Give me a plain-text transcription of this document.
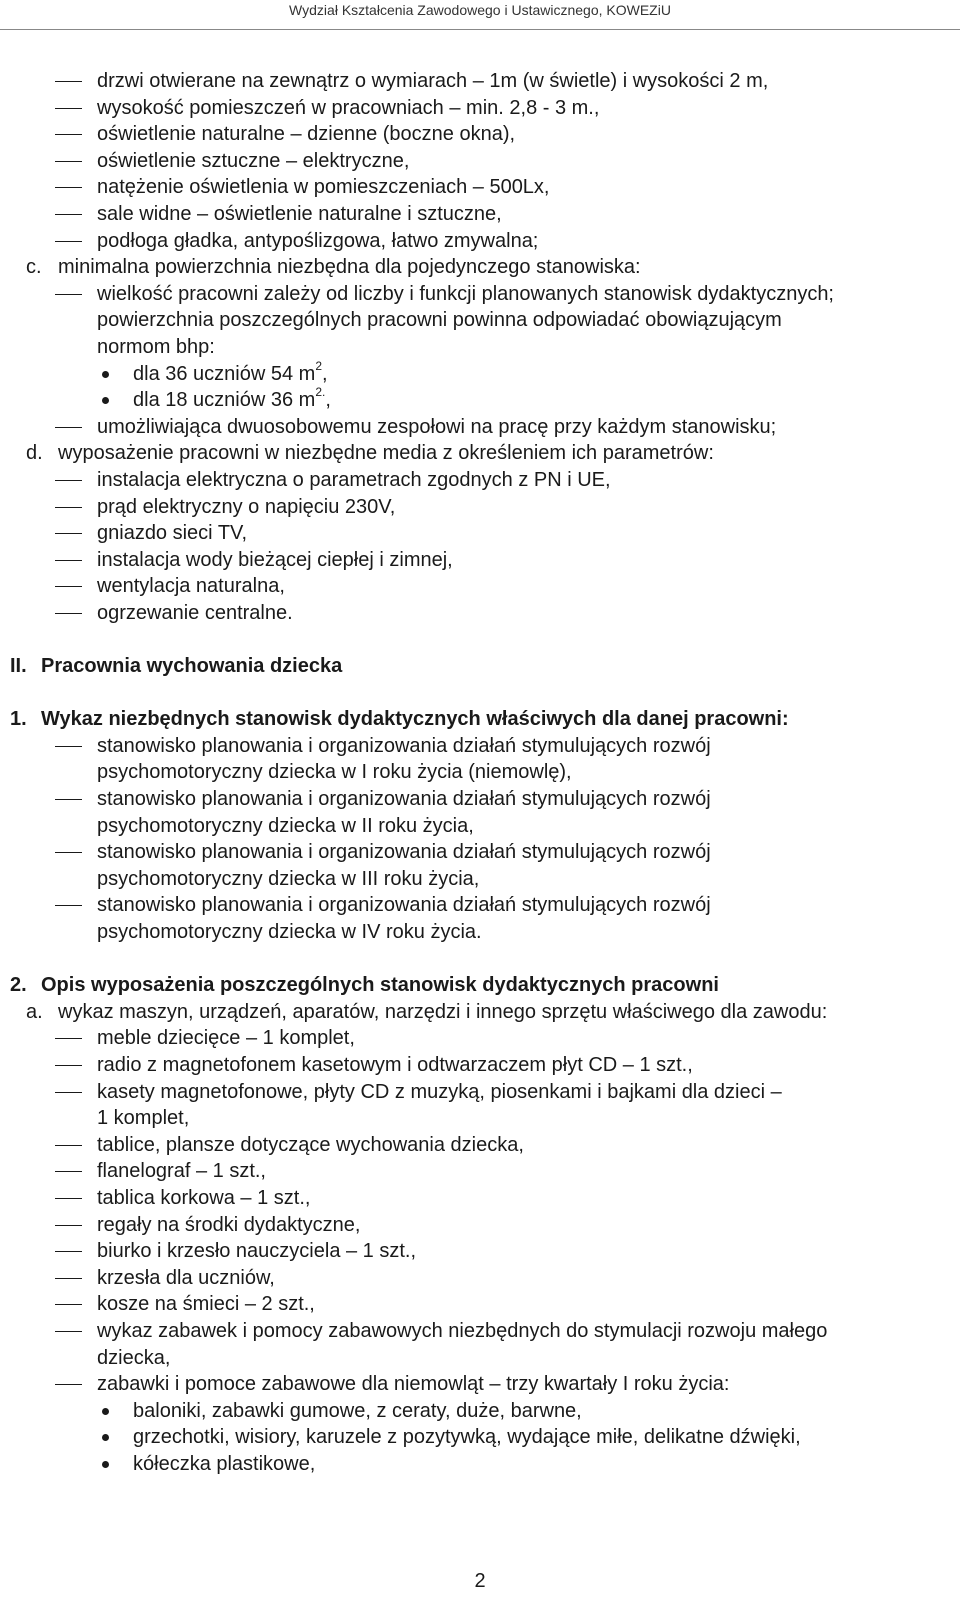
Wydział Kształcenia Zawodowego i Ustawicznego, KOWEZiU
drzwi otwierane na zewnątrz o wymiarach – 1m (w świetle) i wysokości 2 m,
wysokość pomieszczeń w pracowniach – min. 2,8 - 3 m.,
oświetlenie naturalne – dzienne (boczne okna),
oświetlenie sztuczne – elektryczne,
natężenie oświetlenia w pomieszczeniach – 500Lx,
sale widne – oświetlenie naturalne i sztuczne,
podłoga gładka, antypoślizgowa, łatwo zmywalna;
c. minimalna powierzchnia niezbędna dla pojedynczego stanowiska:
wielkość pracowni zależy od liczby i funkcji planowanych stanowisk dydaktycznych;
powierzchnia poszczególnych pracowni powinna odpowiadać obowiązującym
normom bhp:
dla 36 uczniów 54 $m^2$,
dla 18 uczniów 36 $m^{2.}$,
umożliwiająca dwuosobowemu zespołowi na pracę przy każdym stanowisku;
d. wyposażenie pracowni w niezbędne media z określeniem ich parametrów:
instalacja elektryczna o parametrach zgodnych z PN i UE,
prąd elektryczny o napięciu 230V,
gniazdo sieci TV,
instalacja wody bieżącej ciepłej i zimnej,
wentylacja naturalna,
ogrzewanie centralne.
II. Pracownia wychowania dziecka
1. Wykaz niezbędnych stanowisk dydaktycznych właściwych dla danej pracowni:
stanowisko planowania i organizowania działań stymulujących rozwój
psychomotoryczny dziecka w I roku życia (niemowlę),
stanowisko planowania i organizowania działań stymulujących rozwój
psychomotoryczny dziecka w II roku życia,
stanowisko planowania i organizowania działań stymulujących rozwój
psychomotoryczny dziecka w III roku życia,
stanowisko planowania i organizowania działań stymulujących rozwój
psychomotoryczny dziecka w IV roku życia.
2. Opis wyposażenia poszczególnych stanowisk dydaktycznych pracowni
a. wykaz maszyn, urządzeń, aparatów, narzędzi i innego sprzętu właściwego dla zawodu:
meble dziecięce – 1 komplet,
radio z magnetofonem kasetowym i odtwarzaczem płyt CD – 1 szt.,
kasety magnetofonowe, płyty CD z muzyką, piosenkami i bajkami dla dzieci –
1 komplet,
tablice, plansze dotyczące wychowania dziecka,
flanelograf – 1 szt.,
tablica korkowa – 1 szt.,
regały na środki dydaktyczne,
biurko i krzesło nauczyciela – 1 szt.,
krzesła dla uczniów,
kosze na śmieci – 2 szt.,
wykaz zabawek i pomocy zabawowych niezbędnych do stymulacji rozwoju małego
dziecka,
zabawki i pomoce zabawowe dla niemowląt – trzy kwartały I roku życia:
baloniki, zabawki gumowe, z ceraty, duże, barwne,
grzechotki, wisiory, karuzele z pozytywką, wydające miłe, delikatne dźwięki,
kółeczka plastikowe,
2
